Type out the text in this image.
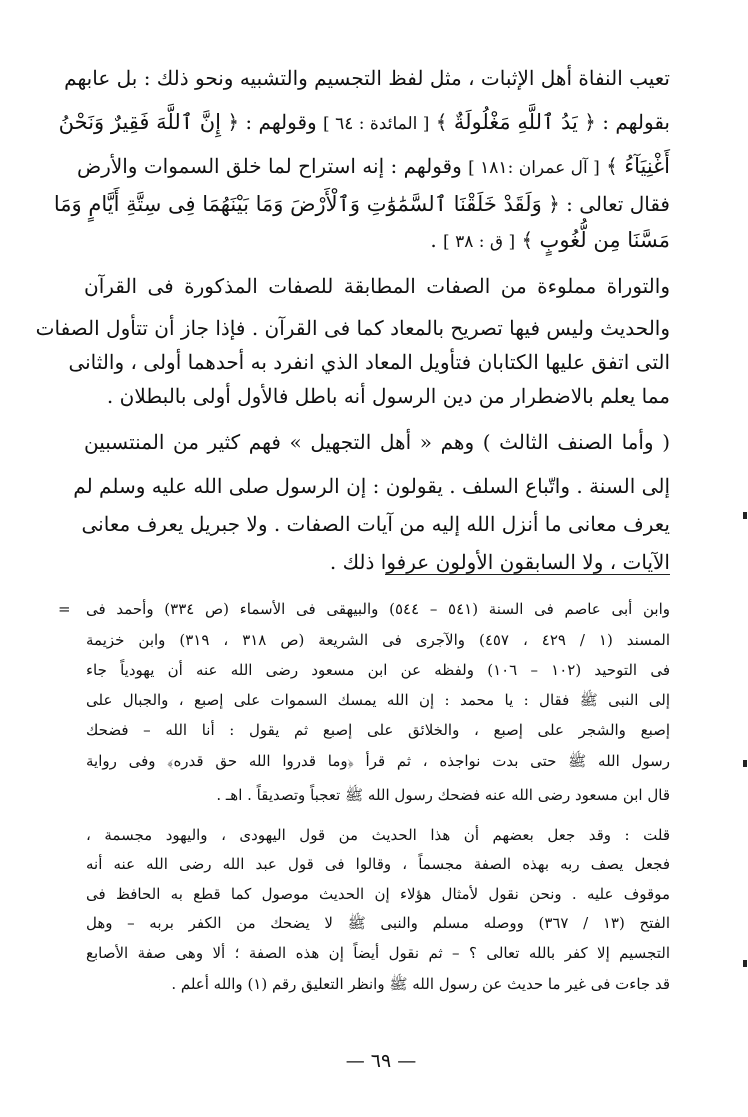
تعيب النفاة أهل الإثبات ، مثل لفظ التجسيم والتشبيه ونحو ذلك : بل عابهم
بقولهم : ﴿ يَدُ ٱللَّهِ مَغْلُولَةٌ ﴾ [ المائدة : ٦٤ ] وقولهم : ﴿ إِنَّ ٱللَّهَ فَقِيرٌ وَنَحْنُ
أَغْنِيَآءُ ﴾ [ آل عمران :١٨١ ] وقولهم : إنه استراح لما خلق السموات والأرض
فقال تعالى : ﴿ وَلَقَدْ خَلَقْنَا ٱلسَّمَٰوَٰتِ وَٱلْأَرْضَ وَمَا بَيْنَهُمَا فِى سِتَّةِ أَيَّامٍ وَمَا
مَسَّنَا مِن لُّغُوبٍ ﴾ [ ق : ٣٨ ] .
والتوراة مملوءة من الصفات المطابقة للصفات المذكورة فى القرآن
والحديث وليس فيها تصريح بالمعاد كما فى القرآن . فإذا جاز أن تتأول الصفات
التى اتفق عليها الكتابان فتأويل المعاد الذي انفرد به أحدهما أولى ، والثانى
مما يعلم بالاضطرار من دين الرسول أنه باطل فالأول أولى بالبطلان .
( وأما الصنف الثالث ) وهم « أهل التجهيل » فهم كثير من المنتسبين
إلى السنة . واتّباع السلف . يقولون : إن الرسول صلى الله عليه وسلم لم
يعرف معانى ما أنزل الله إليه من آيات الصفات . ولا جبريل يعرف معانى
الآيات ، ولا السابقون الأولون عرفوا ذلك .
= وابن أبى عاصم فى السنة (٥٤١ – ٥٤٤) والبيهقى فى الأسماء (ص ٣٣٤) وأحمد فى
المسند (١ / ٤٢٩ ، ٤٥٧) والآجرى فى الشريعة (ص ٣١٨ ، ٣١٩) وابن خزيمة
فى التوحيد (١٠٢ – ١٠٦) ولفظه عن ابن مسعود رضى الله عنه أن يهودياً جاء
إلى النبى ﷺ فقال : يا محمد : إن الله يمسك السموات على إصبع ، والجبال على
إصبع والشجر على إصبع ، والخلائق على إصبع ثم يقول : أنا الله – فضحك
رسول الله ﷺ حتى بدت نواجذه ، ثم قرأ ﴿وما قدروا الله حق قدره﴾ وفى رواية
قال ابن مسعود رضى الله عنه فضحك رسول الله ﷺ تعجباً وتصديقاً . اهـ .
قلت : وقد جعل بعضهم أن هذا الحديث من قول اليهودى ، واليهود مجسمة ،
فجعل يصف ربه بهذه الصفة مجسماً ، وقالوا فى قول عبد الله رضى الله عنه أنه
موقوف عليه . ونحن نقول لأمثال هؤلاء إن الحديث موصول كما قطع به الحافظ فى
الفتح (١٣ / ٣٦٧) ووصله مسلم والنبى ﷺ لا يضحك من الكفر بربه – وهل
التجسيم إلا كفر بالله تعالى ؟ – ثم نقول أيضاً إن هذه الصفة ؛ ألا وهى صفة الأصابع
قد جاءت فى غير ما حديث عن رسول الله ﷺ وانظر التعليق رقم (١) والله أعلم .
— ٦٩ —
